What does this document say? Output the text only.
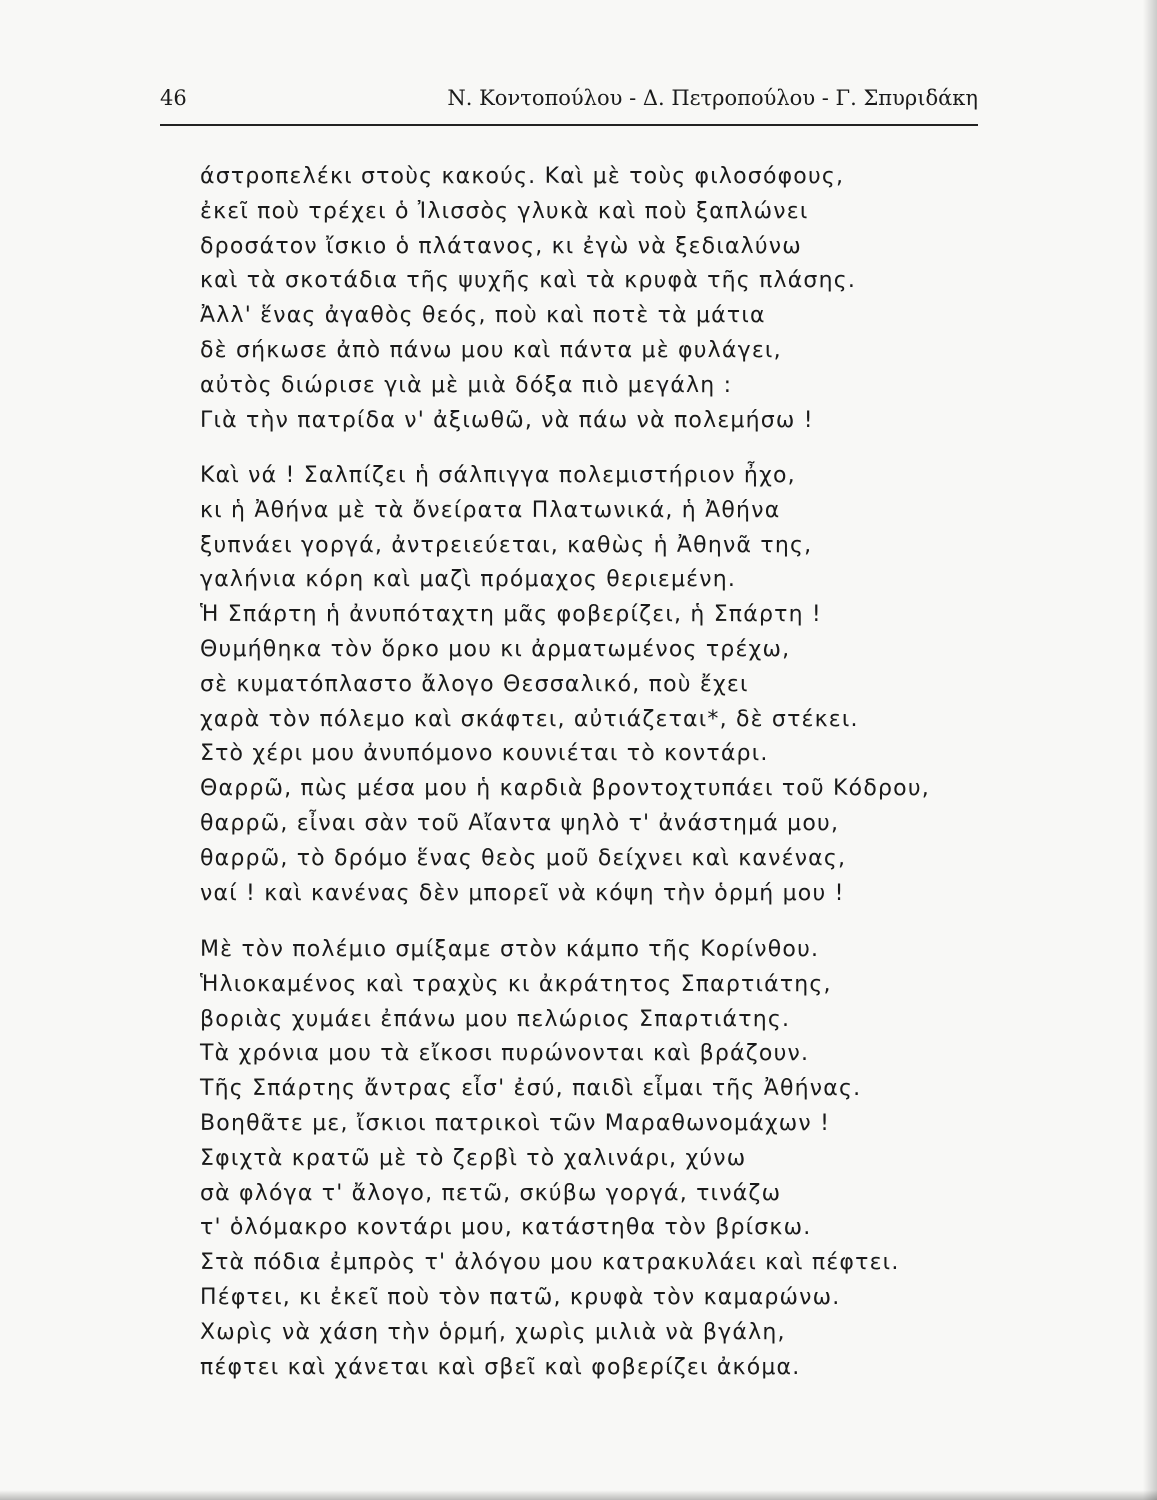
46	Ν. Κοντοπούλου - Δ. Πετροπούλου - Γ. Σπυριδάκη
άστροπελέκι στοὺς κακούς. Καὶ μὲ τοὺς φιλοσόφους,
ἐκεῖ ποὺ τρέχει ὁ Ἰλισσὸς γλυκὰ καὶ ποὺ ξαπλώνει
δροσάτον ἴσκιο ὁ πλάτανος, κι ἐγὼ νὰ ξεδιαλύνω
καὶ τὰ σκοτάδια τῆς ψυχῆς καὶ τὰ κρυφὰ τῆς πλάσης.
Ἀλλ' ἕνας ἀγαθὸς θεός, ποὺ καὶ ποτὲ τὰ μάτια
δὲ σήκωσε ἀπὸ πάνω μου καὶ πάντα μὲ φυλάγει,
αὐτὸς διώρισε γιὰ μὲ μιὰ δόξα πιὸ μεγάλη :
Γιὰ τὴν πατρίδα ν' ἀξιωθῶ, νὰ πάω νὰ πολεμήσω !
Καὶ νά ! Σαλπίζει ἡ σάλπιγγα πολεμιστήριον ἦχο,
κι ἡ Ἀθήνα μὲ τὰ ὄνείρατα Πλατωνικά, ἡ Ἀθήνα
ξυπνάει γοργά, ἀντρειεύεται, καθὼς ἡ Ἀθηνᾶ της,
γαλήνια κόρη καὶ μαζὶ πρόμαχος θεριεμένη.
Ἡ Σπάρτη ἡ ἀνυπόταχτη μᾶς φοβερίζει, ἡ Σπάρτη !
Θυμήθηκα τὸν ὅρκο μου κι ἀρματωμένος τρέχω,
σὲ κυματόπλαστο ἄλογο Θεσσαλικό, ποὺ ἔχει
χαρὰ τὸν πόλεμο καὶ σκάφτει, αὐτιάζεται*, δὲ στέκει.
Στὸ χέρι μου ἀνυπόμονο κουνιέται τὸ κοντάρι.
Θαρρῶ, πὼς μέσα μου ἡ καρδιὰ βροντοχτυπάει τοῦ Κόδρου,
θαρρῶ, εἶναι σὰν τοῦ Αἴαντα ψηλὸ τ' ἀνάστημά μου,
θαρρῶ, τὸ δρόμο ἕνας θεὸς μοῦ δείχνει καὶ κανένας,
ναί ! καὶ κανένας δὲν μπορεῖ νὰ κόψη τὴν ὁρμή μου !
Μὲ τὸν πολέμιο σμίξαμε στὸν κάμπο τῆς Κορίνθου.
Ἡλιοκαμένος καὶ τραχὺς κι ἀκράτητος Σπαρτιάτης,
βοριὰς χυμάει ἐπάνω μου πελώριος Σπαρτιάτης.
Τὰ χρόνια μου τὰ εἴκοσι πυρώνονται καὶ βράζουν.
Τῆς Σπάρτης ἄντρας εἶσ' ἐσύ, παιδὶ εἶμαι τῆς Ἀθήνας.
Βοηθᾶτε με, ἴσκιοι πατρικοὶ τῶν Μαραθωνομάχων !
Σφιχτὰ κρατῶ μὲ τὸ ζερβὶ τὸ χαλινάρι, χύνω
σὰ φλόγα τ' ἄλογο, πετῶ, σκύβω γοργά, τινάζω
τ' ὁλόμακρο κοντάρι μου, κατάστηθα τὸν βρίσκω.
Στὰ πόδια ἐμπρὸς τ' ἀλόγου μου κατρακυλάει καὶ πέφτει.
Πέφτει, κι ἐκεῖ ποὺ τὸν πατῶ, κρυφὰ τὸν καμαρώνω.
Χωρὶς νὰ χάση τὴν ὁρμή, χωρὶς μιλιὰ νὰ βγάλη,
πέφτει καὶ χάνεται καὶ σβεῖ καὶ φοβερίζει ἀκόμα.
